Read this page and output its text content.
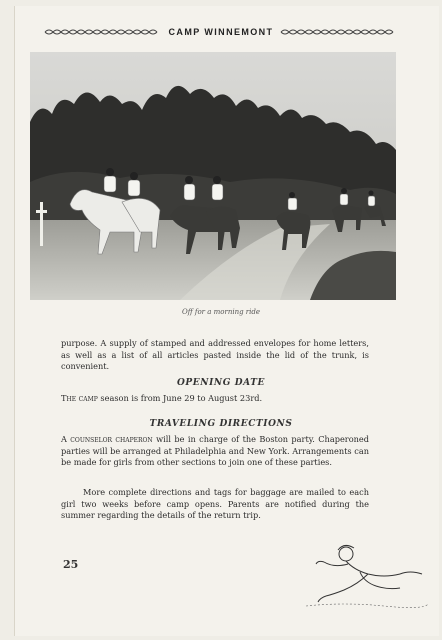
CAMP WINNEMONT
Off for a morning ride
purpose. A supply of stamped and addressed envelopes for home letters, as well as a list of all articles pasted inside the lid of the trunk, is convenient.
OPENING DATE
The camp season is from June 29 to August 23rd.
TRAVELING DIRECTIONS
A counselor chaperon will be in charge of the Boston party. Chaperoned parties will be arranged at Philadelphia and New York. Arrangements can be made for girls from other sections to join one of these parties.
More complete directions and tags for baggage are mailed to each girl two weeks before camp opens. Parents are notified during the summer regarding the details of the return trip.
25
